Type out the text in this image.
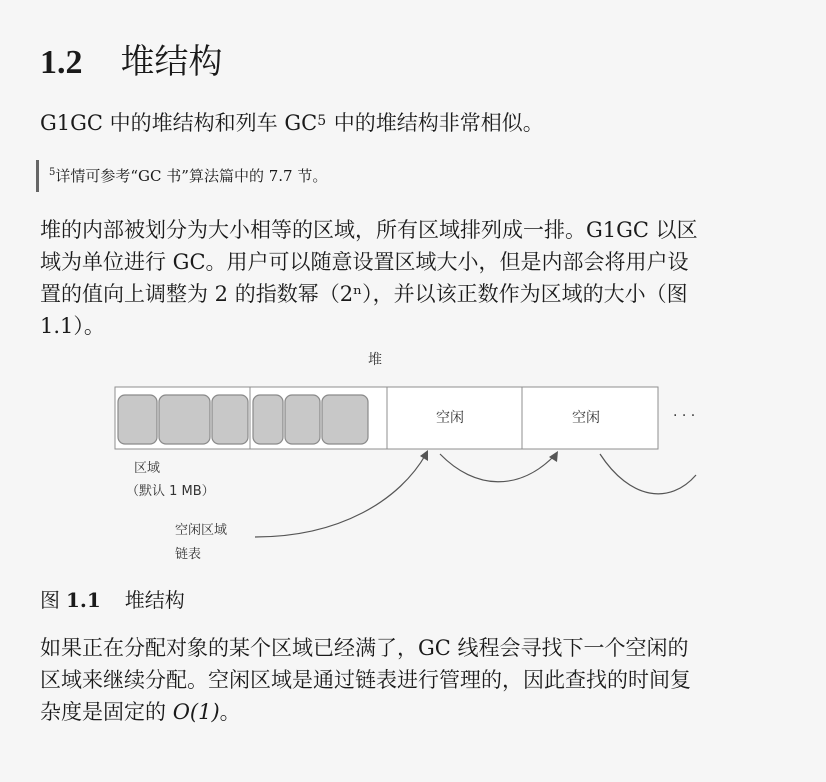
1.2 堆结构
G1GC 中的堆结构和列车 $GC^5$ 中的堆结构非常相似。
$^5$详情可参考“GC 书”算法篇中的 7.7 节。
堆的内部被划分为大小相等的区域，所有区域排列成一排。G1GC 以区
域为单位进行 GC。用户可以随意设置区域大小，但是内部会将用户设
置的值向上调整为 2 的指数幂（2ⁿ），并以该正数作为区域的大小（图
1.1）。
堆
空闲	空闲	· · ·
区域
（默认 1 MB）
空闲区域
链表
图 1.1 堆结构
如果正在分配对象的某个区域已经满了，GC 线程会寻找下一个空闲的
区域来继续分配。空闲区域是通过链表进行管理的，因此查找的时间复
杂度是固定的 O(1)。
